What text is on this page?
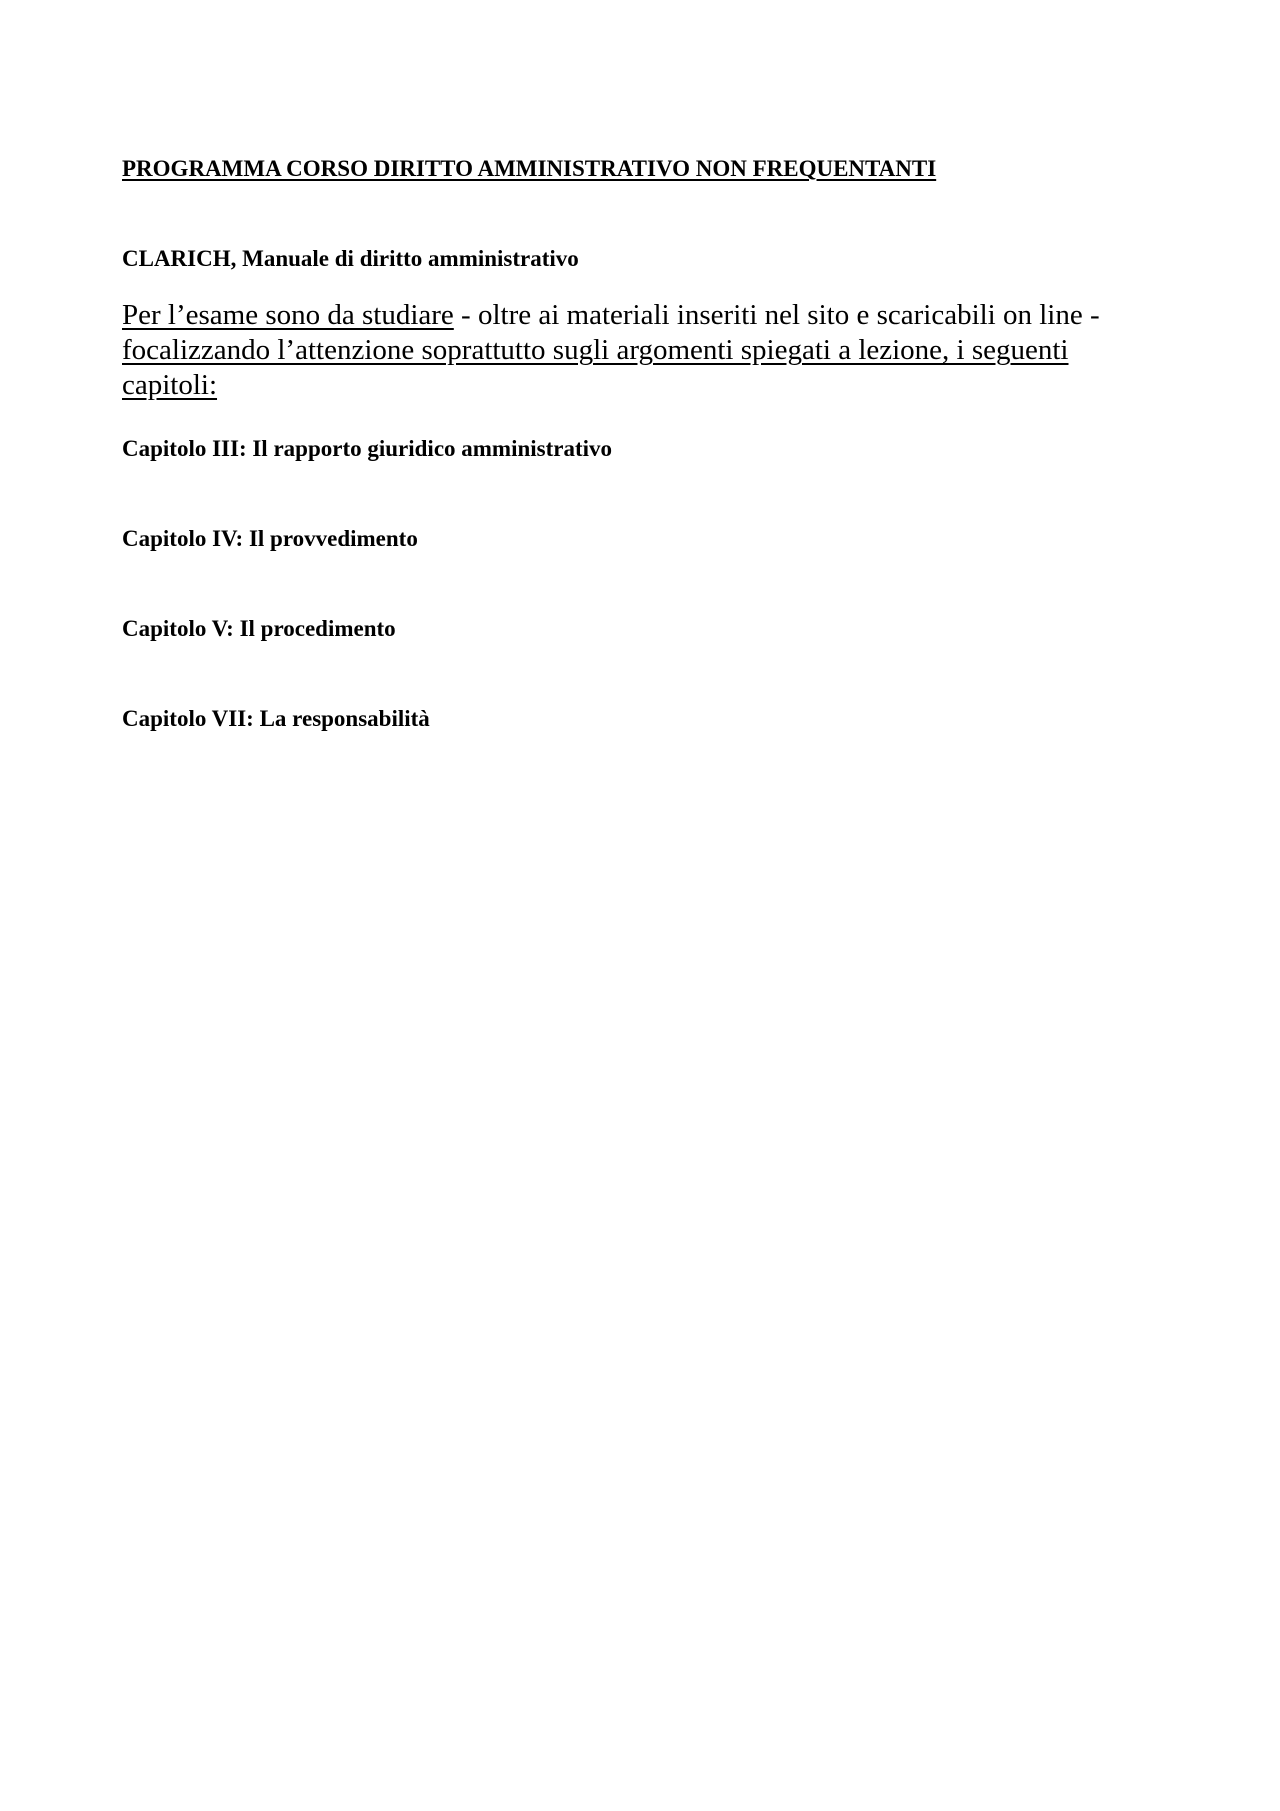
PROGRAMMA CORSO DIRITTO AMMINISTRATIVO NON FREQUENTANTI

CLARICH, Manuale di diritto amministrativo

Per l’esame sono da studiare - oltre ai materiali inseriti nel sito e scaricabili on line - focalizzando l’attenzione soprattutto sugli argomenti spiegati a lezione, i seguenti capitoli:

Capitolo III: Il rapporto giuridico amministrativo
Capitolo IV: Il provvedimento
Capitolo V: Il procedimento
Capitolo VII: La responsabilità
